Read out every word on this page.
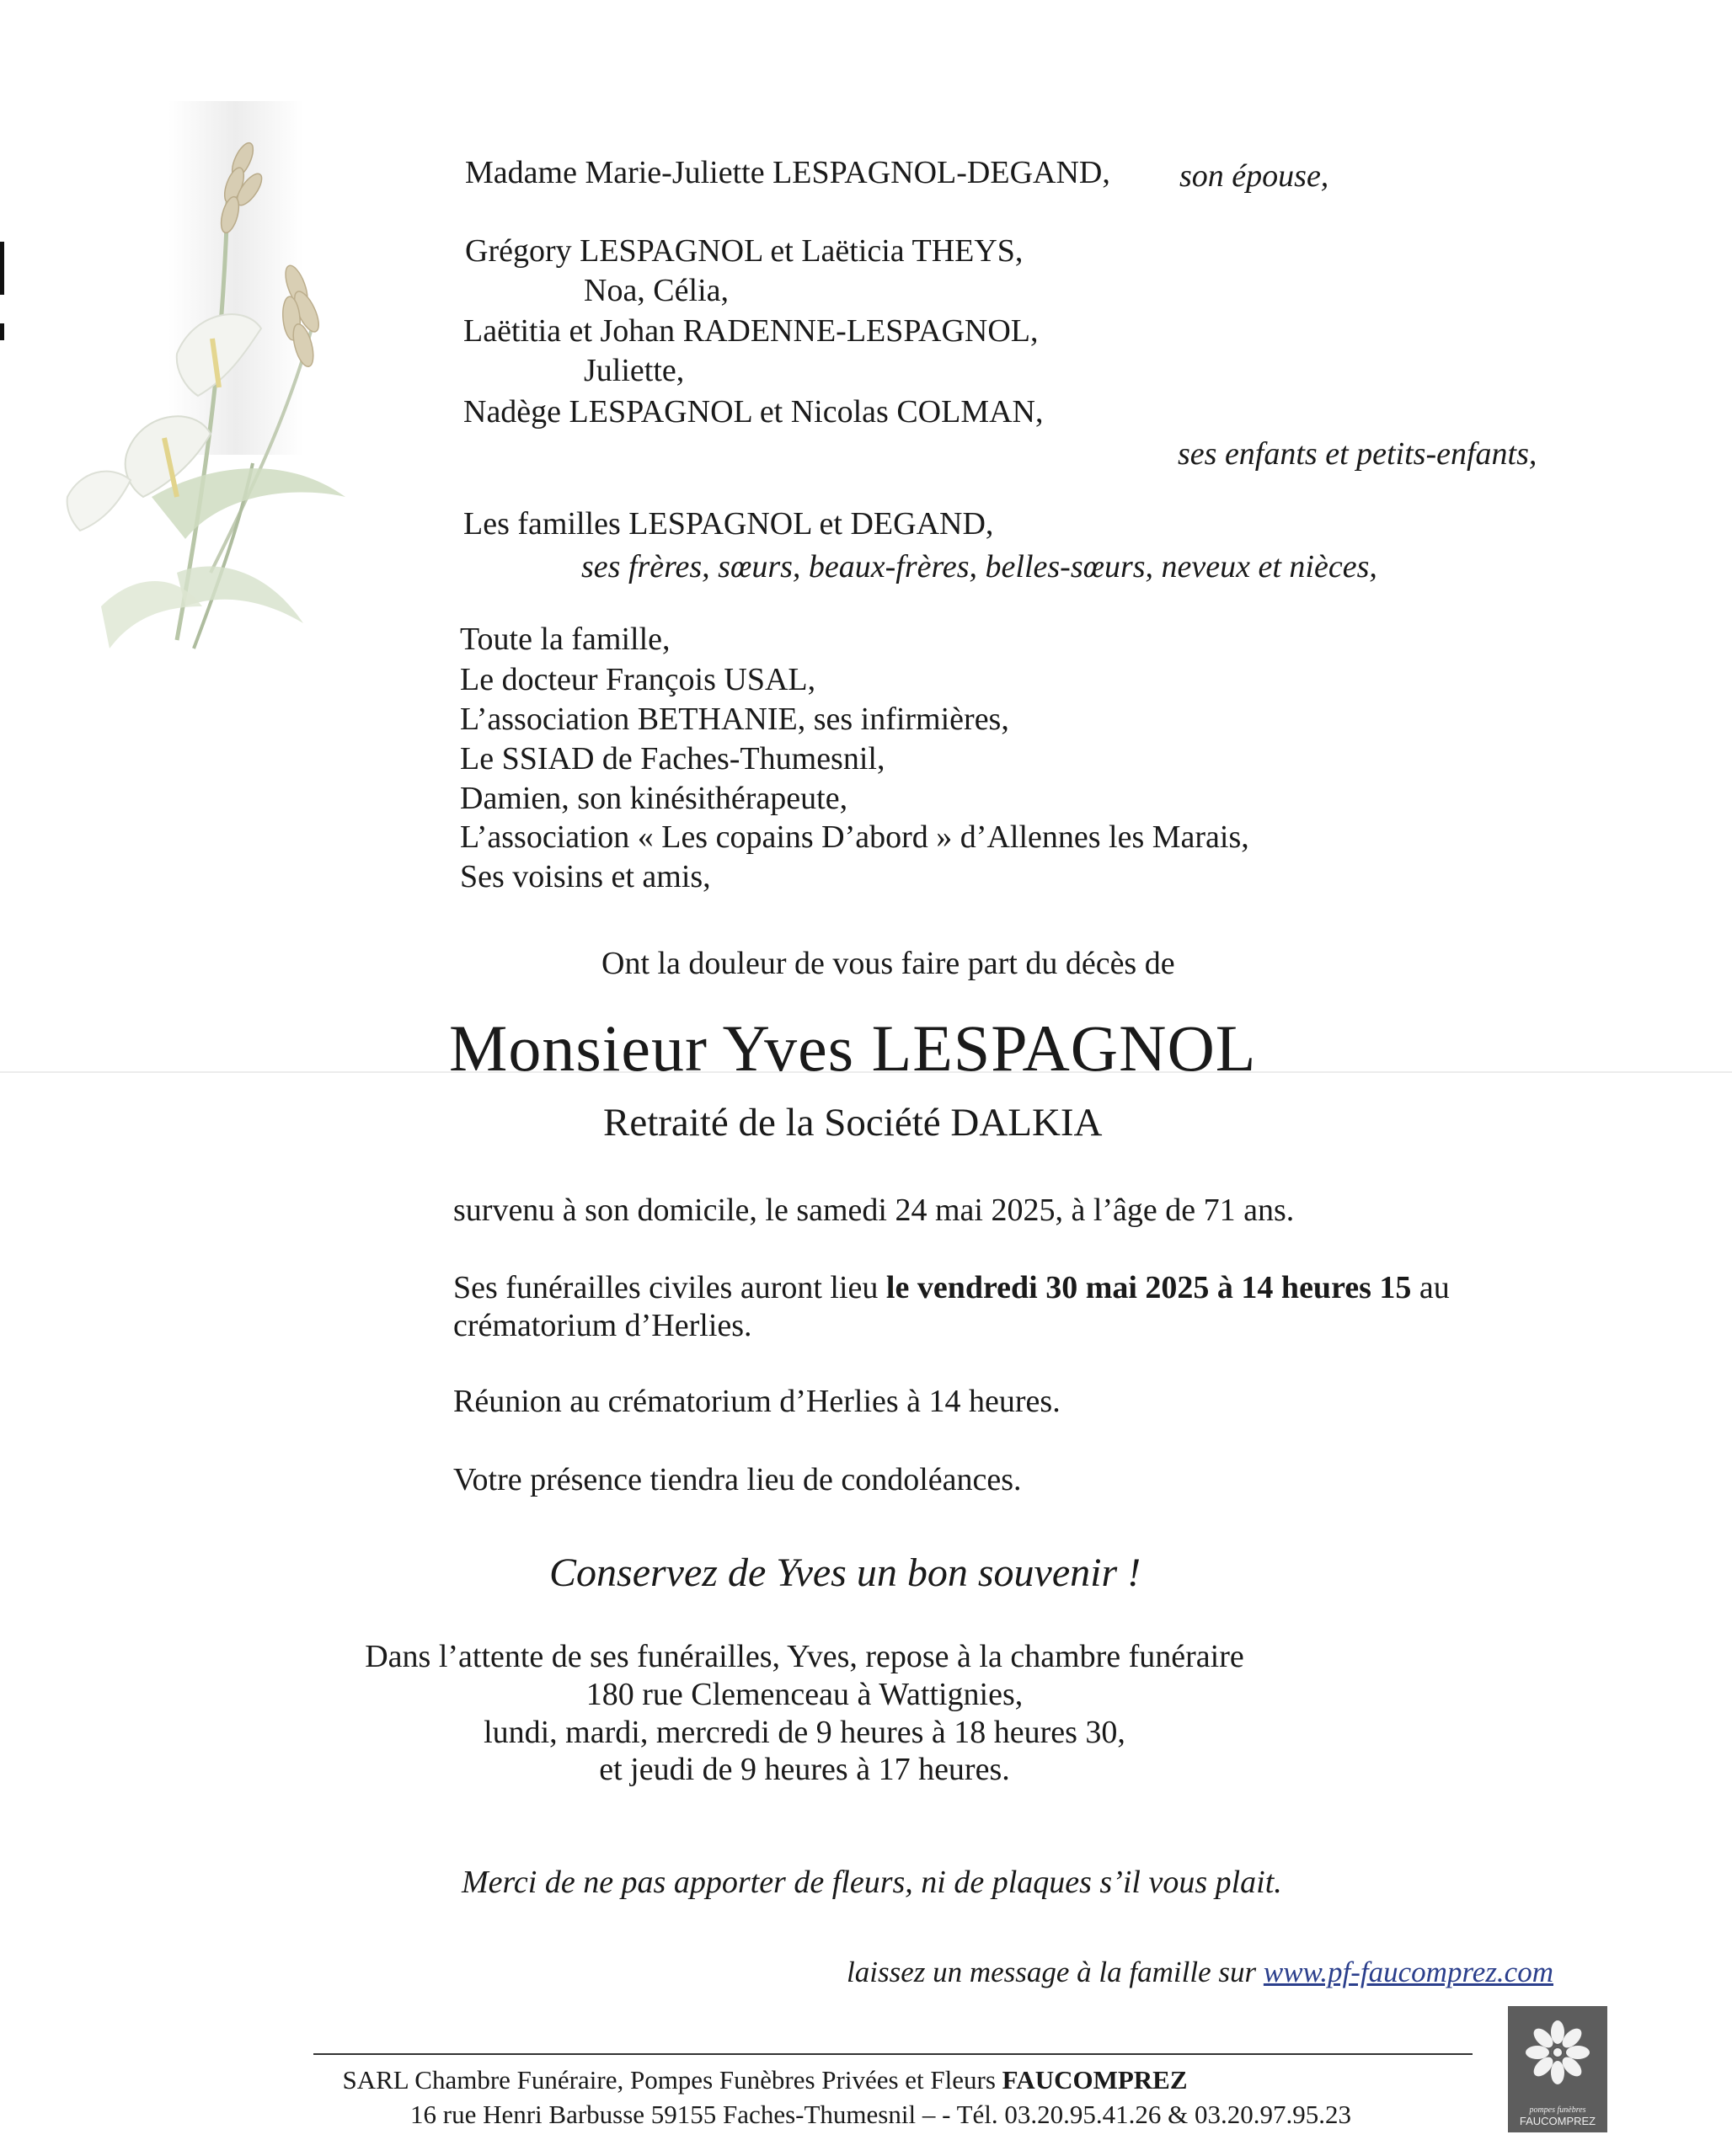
Madame Marie-Juliette LESPAGNOL-DEGAND, son épouse,
Grégory LESPAGNOL et Laëticia THEYS,
Noa, Célia,
Laëtitia et Johan RADENNE-LESPAGNOL,
Juliette,
Nadège LESPAGNOL et Nicolas COLMAN,
ses enfants et petits-enfants,
Les familles LESPAGNOL et DEGAND,
ses frères, sœurs, beaux-frères, belles-sœurs, neveux et nièces,
Toute la famille,
Le docteur François USAL,
L’association BETHANIE, ses infirmières,
Le SSIAD de Faches-Thumesnil,
Damien, son kinésithérapeute,
L’association « Les copains D’abord » d’Allennes les Marais,
Ses voisins et amis,
Ont la douleur de vous faire part du décès de
Monsieur Yves LESPAGNOL
Retraité de la Société DALKIA
survenu à son domicile, le samedi 24 mai 2025, à l’âge de 71 ans.
Ses funérailles civiles auront lieu le vendredi 30 mai 2025 à 14 heures 15 au
crématorium d’Herlies.
Réunion au crématorium d’Herlies à 14 heures.
Votre présence tiendra lieu de condoléances.
Conservez de Yves un bon souvenir !
Dans l’attente de ses funérailles, Yves, repose à la chambre funéraire
180 rue Clemenceau à Wattignies,
lundi, mardi, mercredi de 9 heures à 18 heures 30,
et jeudi de 9 heures à 17 heures.
Merci de ne pas apporter de fleurs, ni de plaques s’il vous plait.
laissez un message à la famille sur www.pf-faucomprez.com
SARL Chambre Funéraire, Pompes Funèbres Privées et Fleurs FAUCOMPREZ
16 rue Henri Barbusse 59155 Faches-Thumesnil – - Tél. 03.20.95.41.26 & 03.20.97.95.23	pompes funèbres
FAUCOMPREZ
